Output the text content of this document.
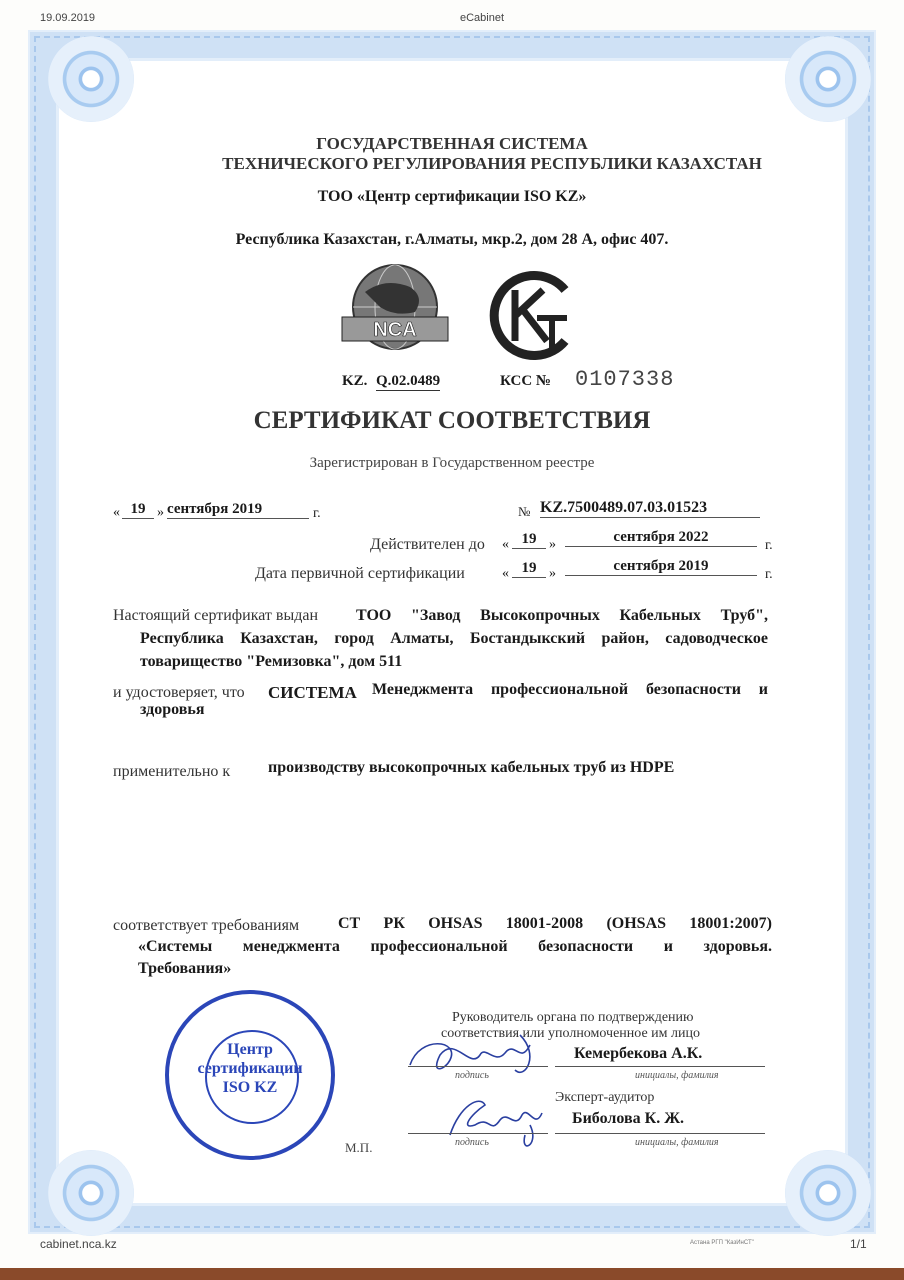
19.09.2019	eCabinet
ГОСУДАРСТВЕННАЯ СИСТЕМА
ТЕХНИЧЕСКОГО РЕГУЛИРОВАНИЯ РЕСПУБЛИКИ КАЗАХСТАН
ТОО «Центр сертификации ISO KZ»
Республика Казахстан, г.Алматы, мкр.2, дом 28 А, офис 407.
NCA
KZ. Q.02.0489	КСС № 0107338
СЕРТИФИКАТ СООТВЕТСТВИЯ
Зарегистрирован в Государственном реестре
« 19 » сентября 2019	г.	№ KZ.7500489.07.03.01523
Действителен до « 19 »	сентября 2022
г.
Дата первичной сертификации	« 19 »	сентября 2019
г.
Настоящий сертификат выдан ТОО "Завод Высокопрочных Кабельных Труб",
Республика Казахстан, город Алматы, Бостандыкский район, садоводческое
товарищество "Ремизовка", дом 511
и удостоверяет, что СИСТЕМА Менеджмента профессиональной безопасности и
здоровья
применительно к производству высокопрочных кабельных труб из HDPE
соответствует требованиям СТ РК OHSAS 18001-2008 (OHSAS 18001:2007)
«Системы менеджмента профессиональной безопасности и здоровья.
Требования»
Центр
сертификации
ISO KZ
М.П.
Руководитель органа по подтверждению
соответствия или уполномоченное им лицо
Кемербекова А.К.
подпись	инициалы, фамилия
Эксперт-аудитор
Биболова К. Ж.
подпись	инициалы, фамилия
cabinet.nca.kz	Астана РГП "КазИнСТ"	1/1
